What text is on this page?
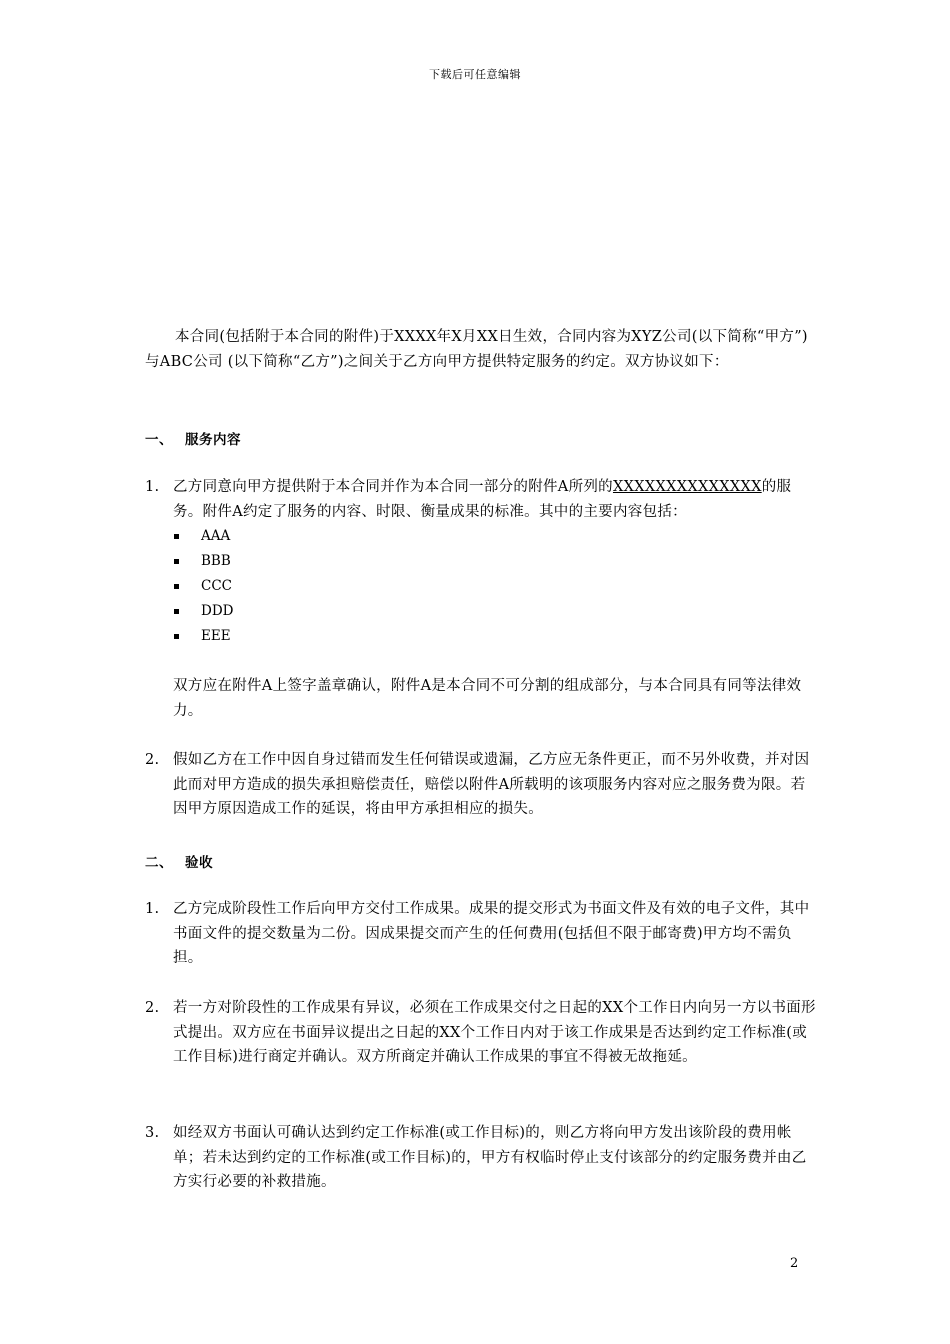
下载后可任意编辑
本合同(包括附于本合同的附件)于XXXX年X月XX日生效，合同内容为XYZ公司(以下简称“甲方”)与ABC公司 (以下简称“乙方”)之间关于乙方向甲方提供特定服务的约定。双方协议如下：
一、 服务内容
1. 乙方同意向甲方提供附于本合同并作为本合同一部分的附件A所列的XXXXXXXXXXXXXX的服务。附件A约定了服务的内容、时限、衡量成果的标准。其中的主要内容包括：
AAA
BBB
CCC
DDD
EEE
双方应在附件A上签字盖章确认，附件A是本合同不可分割的组成部分，与本合同具有同等法律效力。
2. 假如乙方在工作中因自身过错而发生任何错误或遗漏，乙方应无条件更正，而不另外收费，并对因此而对甲方造成的损失承担赔偿责任，赔偿以附件A所载明的该项服务内容对应之服务费为限。若因甲方原因造成工作的延误，将由甲方承担相应的损失。
二、 验收
1. 乙方完成阶段性工作后向甲方交付工作成果。成果的提交形式为书面文件及有效的电子文件，其中书面文件的提交数量为二份。因成果提交而产生的任何费用(包括但不限于邮寄费)甲方均不需负担。
2. 若一方对阶段性的工作成果有异议，必须在工作成果交付之日起的XX个工作日内向另一方以书面形式提出。双方应在书面异议提出之日起的XX个工作日内对于该工作成果是否达到约定工作标准(或工作目标)进行商定并确认。双方所商定并确认工作成果的事宜不得被无故拖延。
3. 如经双方书面认可确认达到约定工作标准(或工作目标)的，则乙方将向甲方发出该阶段的费用帐单；若未达到约定的工作标准(或工作目标)的，甲方有权临时停止支付该部分的约定服务费并由乙方实行必要的补救措施。
2
